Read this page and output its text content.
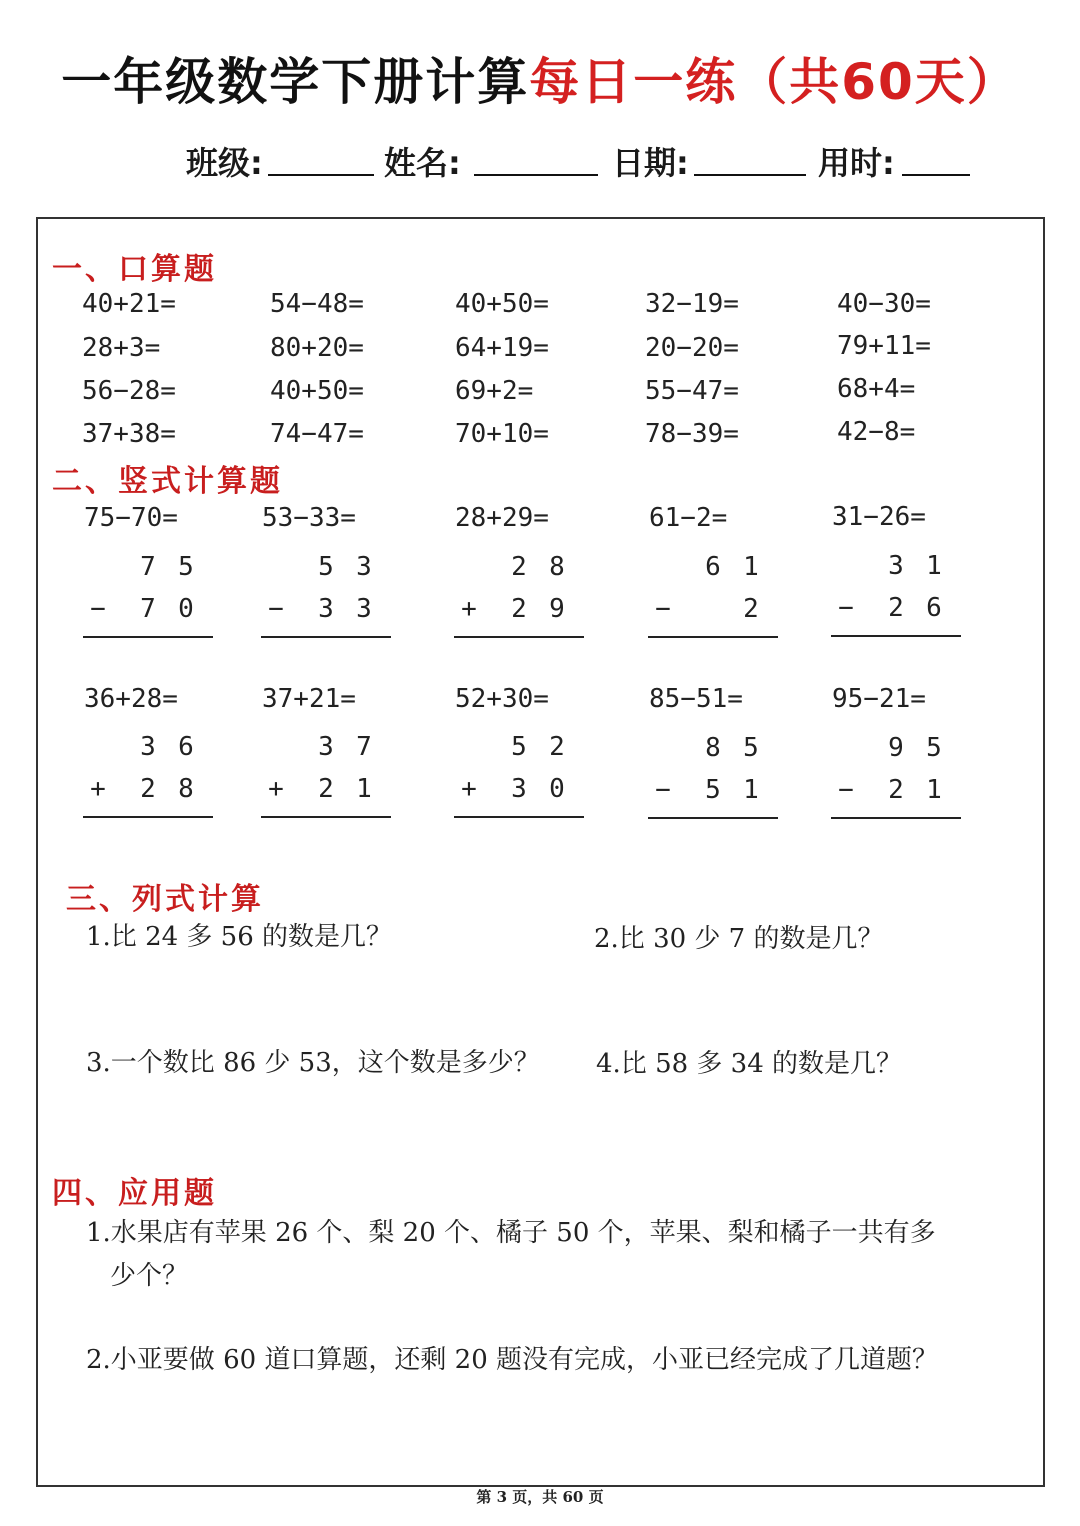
一年级数学下册计算每日一练（共60天）
班级:	姓名:	日期:	用时:
一、口算题
40+21=	54−48=	40+50=	32−19=	40−30=
28+3=	80+20=	64+19=	20−20=	79+11=
56−28=	40+50=	69+2=	55−47=	68+4=
37+38=	74−47=	70+10=	78−39=	42−8=
二、竖式计算题
75−70=	53−33=	28+29=	61−2=	31−26=
7 5
−	7 0
5 3
−	3 3
2 8
+	2 9
6 1
−	2
3 1
−	2 6
36+28=	37+21=	52+30=	85−51=	95−21=
3 6
+	2 8
3 7
+	2 1
5 2
+	3 0
8 5
−	5 1
9 5
−	2 1
三、列式计算
1.比 24 多 56 的数是几？	2.比 30 少 7 的数是几？
3.一个数比 86 少 53，这个数是多少？ 4.比 58 多 34 的数是几？
四、应用题
1.水果店有苹果 26 个、梨 20 个、橘子 50 个，苹果、梨和橘子一共有多
少个？
2.小亚要做 60 道口算题，还剩 20 题没有完成，小亚已经完成了几道题？
第 3 页，共 60 页
